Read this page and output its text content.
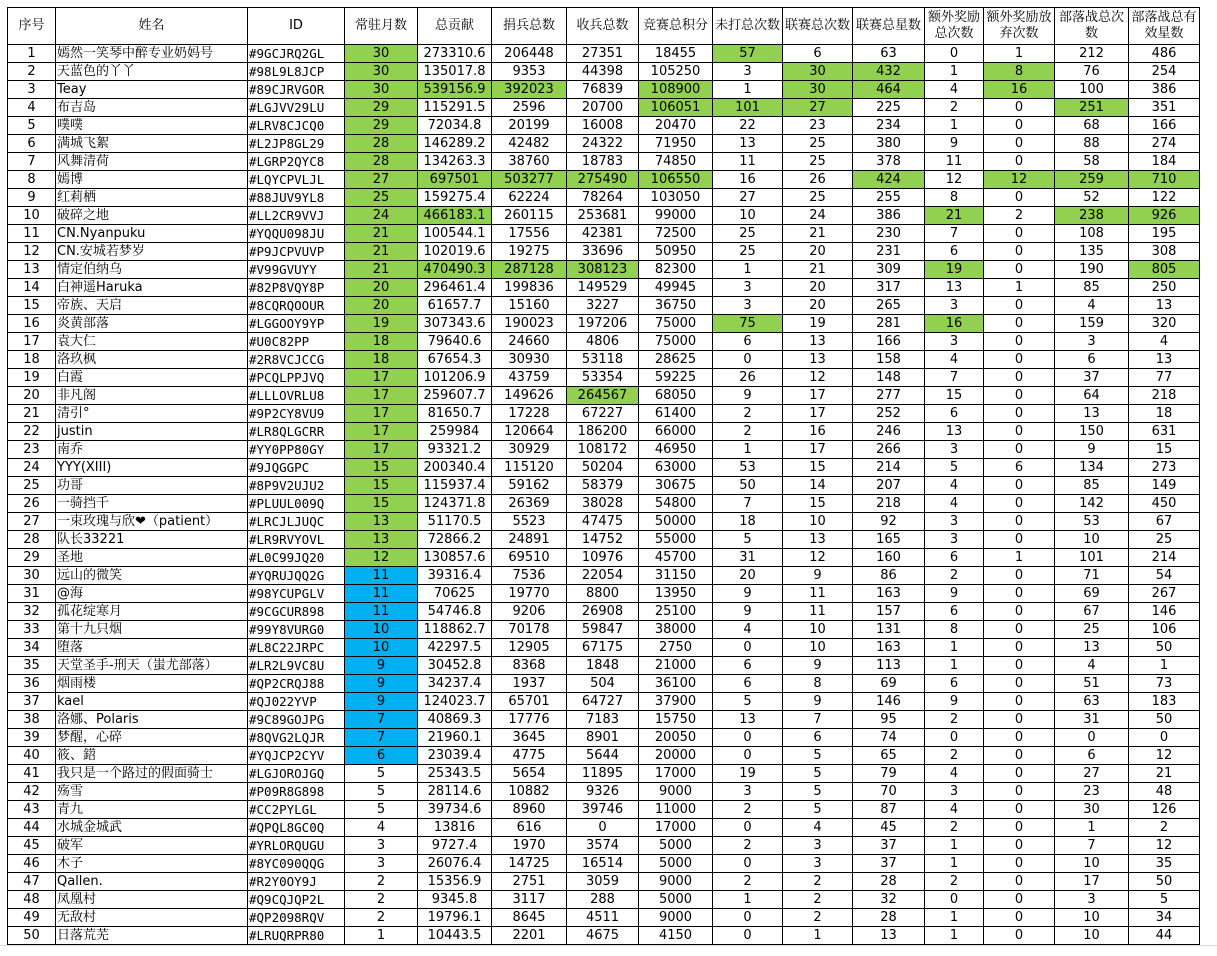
序号	姓名	ID	常驻月数	总贡献	捐兵总数	收兵总数	竞赛总积分	未打总次数	联赛总次数	联赛总星数	额外奖励总次数	额外奖励放弃次数	部落战总次数	部落战总有效星数
1	嫣然一笑琴中醉专业奶妈号	#9GCJRQ2GL	30	273310.6	206448	27351	18455	57	6	63	0	1	212	486
2	天蓝色的丫丫	#98L9L8JCP	30	135017.8	9353	44398	105250	3	30	432	1	8	76	254
3	Teay	#89CJRVGOR	30	539156.9	392023	76839	108900	1	30	464	4	16	100	386
4	布吉岛	#LGJVV29LU	29	115291.5	2596	20700	106051	101	27	225	2	0	251	351
5	噗噗	#LRV8CJCQ0	29	72034.8	20199	16008	20470	22	23	234	1	0	68	166
6	满城飞絮	#L2JP8GL29	28	146289.2	42482	24322	71950	13	25	380	9	0	88	274
7	风舞清荷	#LGRP2QYC8	28	134263.3	38760	18783	74850	11	25	378	11	0	58	184
8	嫣博	#LQYCPVLJL	27	697501	503277	275490	106550	16	26	424	12	12	259	710
9	红莉栖	#88JUV9YL8	25	159275.4	62224	78264	103050	27	25	255	8	0	52	122
10	破碎之地	#LL2CR9VVJ	24	466183.1	260115	253681	99000	10	24	386	21	2	238	926
11	CN.Nyanpuku	#YQQU098JU	21	100544.1	17556	42381	72500	25	21	230	7	0	108	195
12	CN.安城若梦岁	#P9JCPVUVP	21	102019.6	19275	33696	50950	25	20	231	6	0	135	308
13	情定伯纳乌	#V99GVUYY	21	470490.3	287128	308123	82300	1	21	309	19	0	190	805
14	白神遥Haruka	#82P8VQY8P	20	296461.4	199836	149529	49945	3	20	317	13	1	85	250
15	帝族、天启	#8CQRQOOUR	20	61657.7	15160	3227	36750	3	20	265	3	0	4	13
16	炎黄部落	#LGGOOY9YP	19	307343.6	190023	197206	75000	75	19	281	16	0	159	320
17	袁大仁	#U0C82PP	18	79640.6	24660	4806	75000	6	13	166	3	0	3	4
18	洛玖枫	#2R8VCJCCG	18	67654.3	30930	53118	28625	0	13	158	4	0	6	13
19	白霞	#PCQLPPJVQ	17	101206.9	43759	53354	59225	26	12	148	7	0	37	77
20	非凡阁	#LLLOVRLU8	17	259607.7	149626	264567	68050	9	17	277	15	0	64	218
21	清引°	#9P2CY8VU9	17	81650.7	17228	67227	61400	2	17	252	6	0	13	18
22	justin	#LR8QLGCRR	17	259984	120664	186200	66000	2	16	246	13	0	150	631
23	南乔	#YY0PP80GY	17	93321.2	30929	108172	46950	1	17	266	3	0	9	15
24	YYY(XIII)	#9JQGGPC	15	200340.4	115120	50204	63000	53	15	214	5	6	134	273
25	功哥	#8P9V2UJU2	15	115937.4	59162	58379	30675	50	14	207	4	0	85	149
26	一骑挡千	#PLUUL009Q	15	124371.8	26369	38028	54800	7	15	218	4	0	142	450
27	一束玫瑰与欣❤（patient）	#LRCJLJUQC	13	51170.5	5523	47475	50000	18	10	92	3	0	53	67
28	队长33221	#LR9RVYOVL	13	72866.2	24891	14752	55000	5	13	165	3	0	10	25
29	圣地	#L0C99JQ20	12	130857.6	69510	10976	45700	31	12	160	6	1	101	214
30	远山的微笑	#YQRUJQQ2G	11	39316.4	7536	22054	31150	20	9	86	2	0	71	54
31	@海	#98YCUPGLV	11	70625	19770	8800	13950	9	11	163	9	0	69	267
32	孤花绽寒月	#9CGCUR898	11	54746.8	9206	26908	25100	9	11	157	6	0	67	146
33	第十九只烟	#99Y8VURG0	10	118862.7	70178	59847	38000	4	10	131	8	0	25	106
34	堕落	#L8C22JRPC	10	42297.5	12905	67175	2750	0	10	163	1	0	13	50
35	天堂圣手-刑天（蚩尤部落）	#LR2L9VC8U	9	30452.8	8368	1848	21000	6	9	113	1	0	4	1
36	烟雨楼	#QP2CRQJ88	9	34237.4	1937	504	36100	6	8	69	6	0	51	73
37	kael	#QJ022YVP	9	124023.7	65701	64727	37900	5	9	146	9	0	63	183
38	洛娜、Polaris	#9C89GOJPG	7	40869.3	17776	7183	15750	13	7	95	2	0	31	50
39	梦醒，心碎	#8QVG2LQJR	7	21960.1	3645	8901	20050	0	6	74	0	0	0	0
40	筱、鍣	#YQJCP2CYV	6	23039.4	4775	5644	20000	0	5	65	2	0	6	12
41	我只是一个路过的假面骑士	#LGJOROJGQ	5	25343.5	5654	11895	17000	19	5	79	4	0	27	21
42	殇雪	#P09R8G898	5	28114.6	10882	9326	9000	3	5	70	3	0	23	48
43	青九	#CC2PYLGL	5	39734.6	8960	39746	11000	2	5	87	4	0	30	126
44	水城金城武	#QPQL8GC0Q	4	13816	616	0	17000	0	4	45	2	0	1	2
45	破军	#YRLORQUGU	3	9727.4	1970	3574	5000	2	3	37	1	0	7	12
46	木子	#8YC090QQG	3	26076.4	14725	16514	5000	0	3	37	1	0	10	35
47	Qallen.	#R2Y0OY9J	2	15356.9	2751	3059	9000	2	2	28	2	0	17	50
48	凤凰村	#Q9CQJQP2L	2	9345.8	3117	288	5000	1	2	32	0	0	3	5
49	无敌村	#QP2098RQV	2	19796.1	8645	4511	9000	0	2	28	1	0	10	34
50	日落荒芜	#LRUQRPR80	1	10443.5	2201	4675	4150	0	1	13	1	0	10	44
